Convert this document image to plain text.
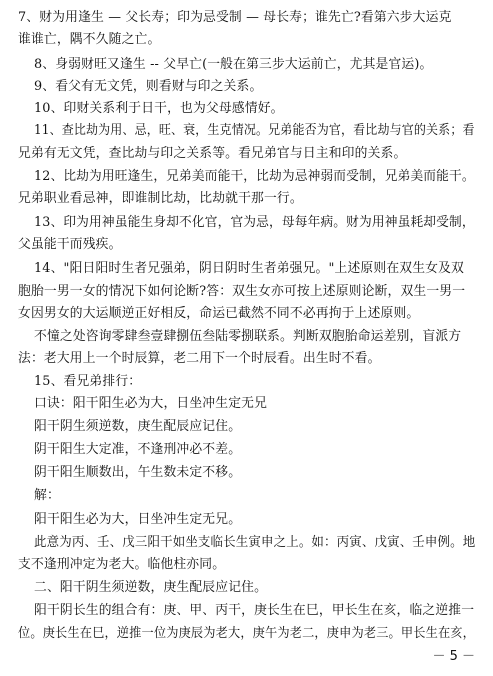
7、财为用逢生 — 父长寿；印为忌受制 — 母长寿；谁先亡?看第六步大运克
谁谁亡，隅不久随之亡。
8、身弱财旺又逢生 -- 父早亡(一般在第三步大运前亡，尤其是官运)。
9、看父有无文凭，则看财与印之关系。
10、印财关系利于日干，也为父母感情好。
11、查比劫为用、忌，旺、衰，生克情况。兄弟能否为官，看比劫与官的关系；看
兄弟有无文凭，查比劫与印之关系等。看兄弟官与日主和印的关系。
12、比劫为用旺逢生，兄弟美而能干，比劫为忌神弱而受制，兄弟美而能干。
兄弟职业看忌神，即谁制比劫，比劫就干那一行。
13、印为用神虽能生身却不化官，官为忌，母每年病。财为用神虽耗却受制，
父虽能干而残疾。
14、"阳日阳时生者兄强弟，阴日阴时生者弟强兄。"上述原则在双生女及双
胞胎一男一女的情况下如何论断?答：双生女亦可按上述原则论断，双生一男一
女因男女的大运顺逆正好相反，命运已截然不同不必再拘于上述原则。
不憧之处咨询零肆叁壹肆捌伍叁陆零捌联系。判断双胞胎命运差别，盲派方
法：老大用上一个时辰算，老二用下一个时辰看。出生时不看。
15、看兄弟排行：
口诀：阳干阳生必为大，日坐冲生定无兄
阳干阴生须逆数，庚生配辰应记住。
阴干阳生大定准，不逢刑冲必不差。
阴干阳生顺数出，午生数未定不移。
解：
阳干阳生必为大，日坐冲生定无兄。
此意为丙、壬、戊三阳干如坐支临长生寅申之上。如：丙寅、戊寅、壬申例。地
支不逢刑冲定为老大。临他柱亦同。
二、阳干阴生须逆数，庚生配辰应记住。
阳干阴长生的组合有：庚、甲、丙干，庚长生在巳，甲长生在亥，临之逆推一
位。庚长生在巳，逆推一位为庚辰为老大，庚午为老二，庚申为老三。甲长生在亥，
－ 5 －
